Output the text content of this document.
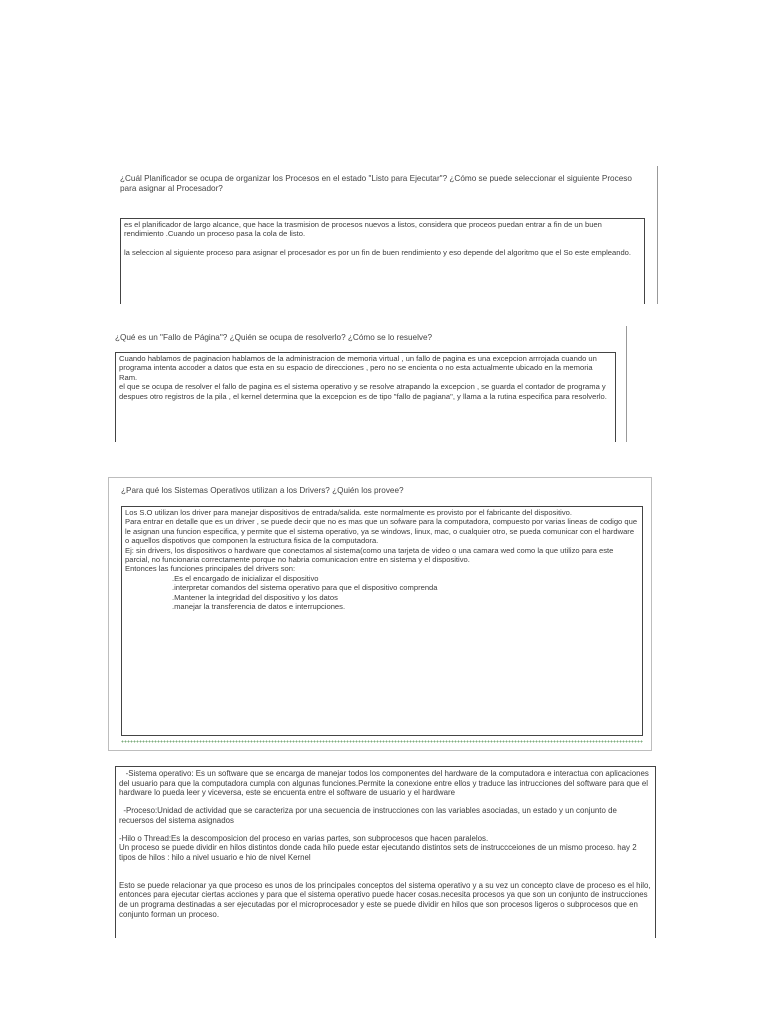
¿Cuál Planificador se ocupa de organizar los Procesos en el estado "Listo para Ejecutar"? ¿Cómo se puede seleccionar el siguiente Proceso para asignar al Procesador?

es el planificador de largo alcance, que hace la trasmision de procesos nuevos a listos, considera que proceos puedan entrar a fin de un buen rendimiento .Cuando un proceso pasa la cola de listo.

la seleccion al siguiente proceso para asignar el procesador es por un fin de buen rendimiento y eso depende del algoritmo que el So este empleando.

¿Qué es un "Fallo de Página"? ¿Quién se ocupa de resolverlo? ¿Cómo se lo resuelve?

Cuando hablamos de paginacion hablamos de la administracion de memoria virtual , un fallo de pagina es una excepcion arrrojada cuando un programa intenta accoder a datos que esta en su espacio de direcciones , pero no se encienta o no esta actualmente ubicado en la memoria Ram.
el que se ocupa de resolver el fallo de pagina es el sistema operativo y se resolve atrapando la excepcion , se guarda el contador de programa y despues otro registros de la pila , el kernel determina que la excepcion es de tipo "fallo de pagiana", y llama a la rutina especifica para resolverlo.

¿Para qué los Sistemas Operativos utilizan a los Drivers? ¿Quién los provee?

Los S.O utilizan los driver para manejar dispositivos de entrada/salida. este normalmente es provisto por el fabricante del dispositivo.
Para entrar en detalle que es un driver , se puede decir que no es mas que un sofware para la computadora, compuesto por varias lineas de codigo que le asignan una funcion especifica, y permite que el sistema operativo, ya se windows, linux, mac, o cualquier otro, se pueda comunicar con el hardware o aquellos dispotivos que componen la estructura fisica de la computadora.
Ej: sin drivers, los dispositivos o hardware que conectamos al sistema(como una tarjeta de video o una camara wed como la que utilizo para este parcial, no funcionaria correctamente porque no habria comunicacion entre en sistema y el dispositivo.
Entonces las funciones principales del drivers son:

.Es el encargado de inicializar el dispositivo

.interpretar comandos del sistema operativo para que el dispositivo comprenda

.Mantener la integridad del dispositivo y los datos

.manejar la transferencia de datos e interrupciones.

-Sistema operativo: Es un software que se encarga de manejar todos los componentes del hardware de la computadora e interactua con aplicaciones del usuario para que la computadora cumpla con algunas funciones.Permite la conexione entre ellos y traduce las intrucciones del software para que el hardware lo pueda leer y viceversa, este se encuenta entre el software de usuario y el hardware

-Proceso:Unidad de actividad que se caracteriza por una secuencia de instrucciones con las variables asociadas, un estado y un conjunto de recuersos del sistema asignados

-Hilo o Thread:Es la descomposicion del proceso en varias partes, son subprocesos que hacen paralelos.
Un proceso se puede dividir en hilos distintos donde cada hilo puede estar ejecutando distintos sets de instruccceiones de un mismo proceso. hay 2 tipos de hilos : hilo a nivel usuario e hio de nivel Kernel

Esto se puede relacionar ya que proceso es unos de los principales conceptos del sistema operativo y a su vez un concepto clave de proceso es el hilo, entonces para ejecutar ciertas acciones y para que el sistema operativo puede hacer cosas.necesita procesos ya que son un conjunto de instrucciones de un programa destinadas a ser ejecutadas por el microprocesador y este se puede dividir en hilos que son procesos ligeros o subprocesos que en conjunto forman un proceso.
